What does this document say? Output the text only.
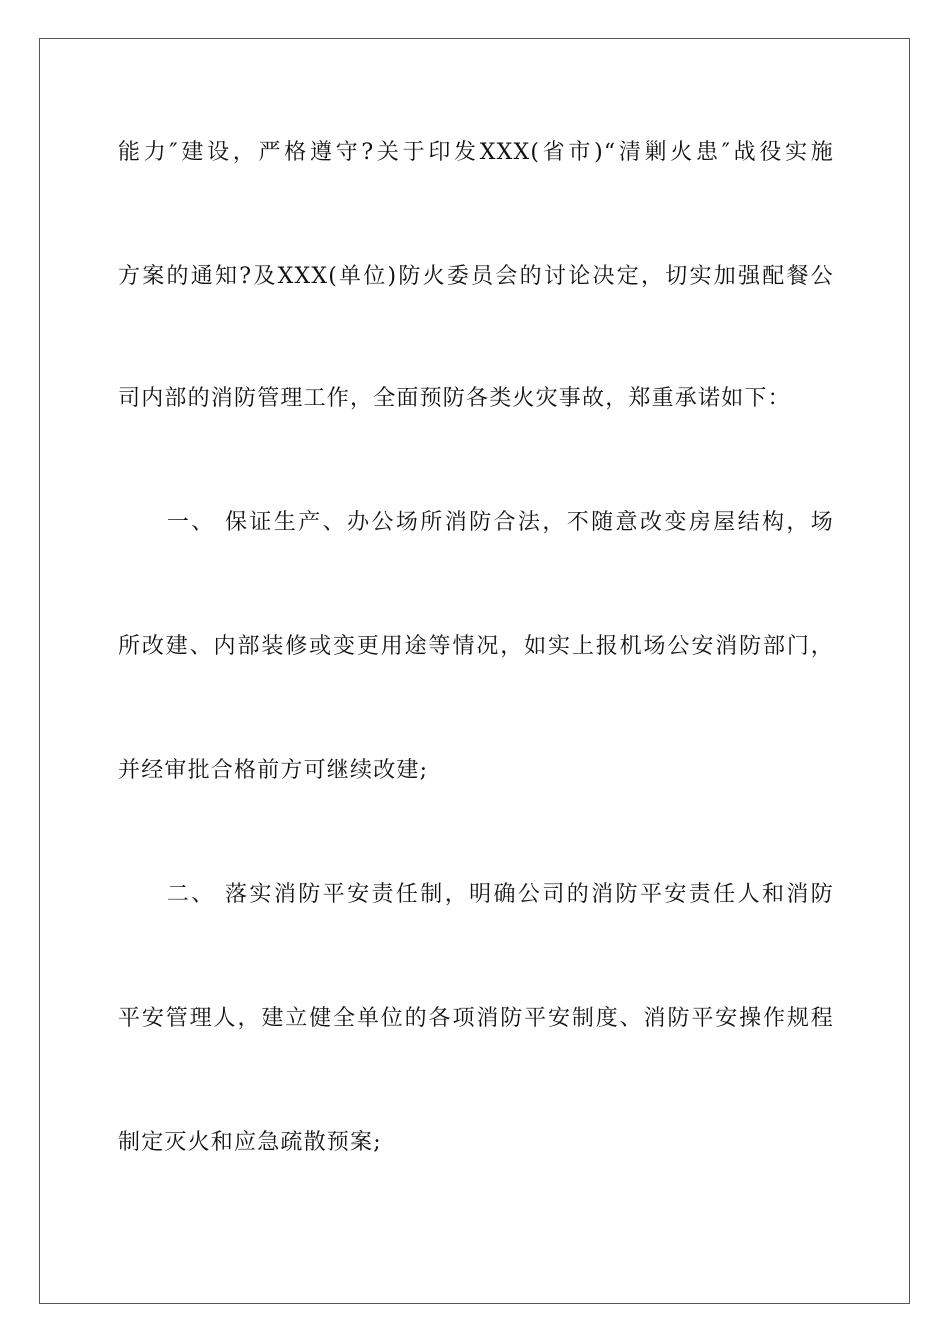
能力″建设，严格遵守?关于印发XXX(省市)“清剿火患″战役实施
方案的通知?及XXX(单位)防火委员会的讨论决定，切实加强配餐公
司内部的消防管理工作，全面预防各类火灾事故，郑重承诺如下：
　　一、 保证生产、办公场所消防合法，不随意改变房屋结构，场
所改建、内部装修或变更用途等情况，如实上报机场公安消防部门，
并经审批合格前方可继续改建;
　　二、 落实消防平安责任制，明确公司的消防平安责任人和消防
平安管理人，建立健全单位的各项消防平安制度、消防平安操作规程
制定灭火和应急疏散预案;
